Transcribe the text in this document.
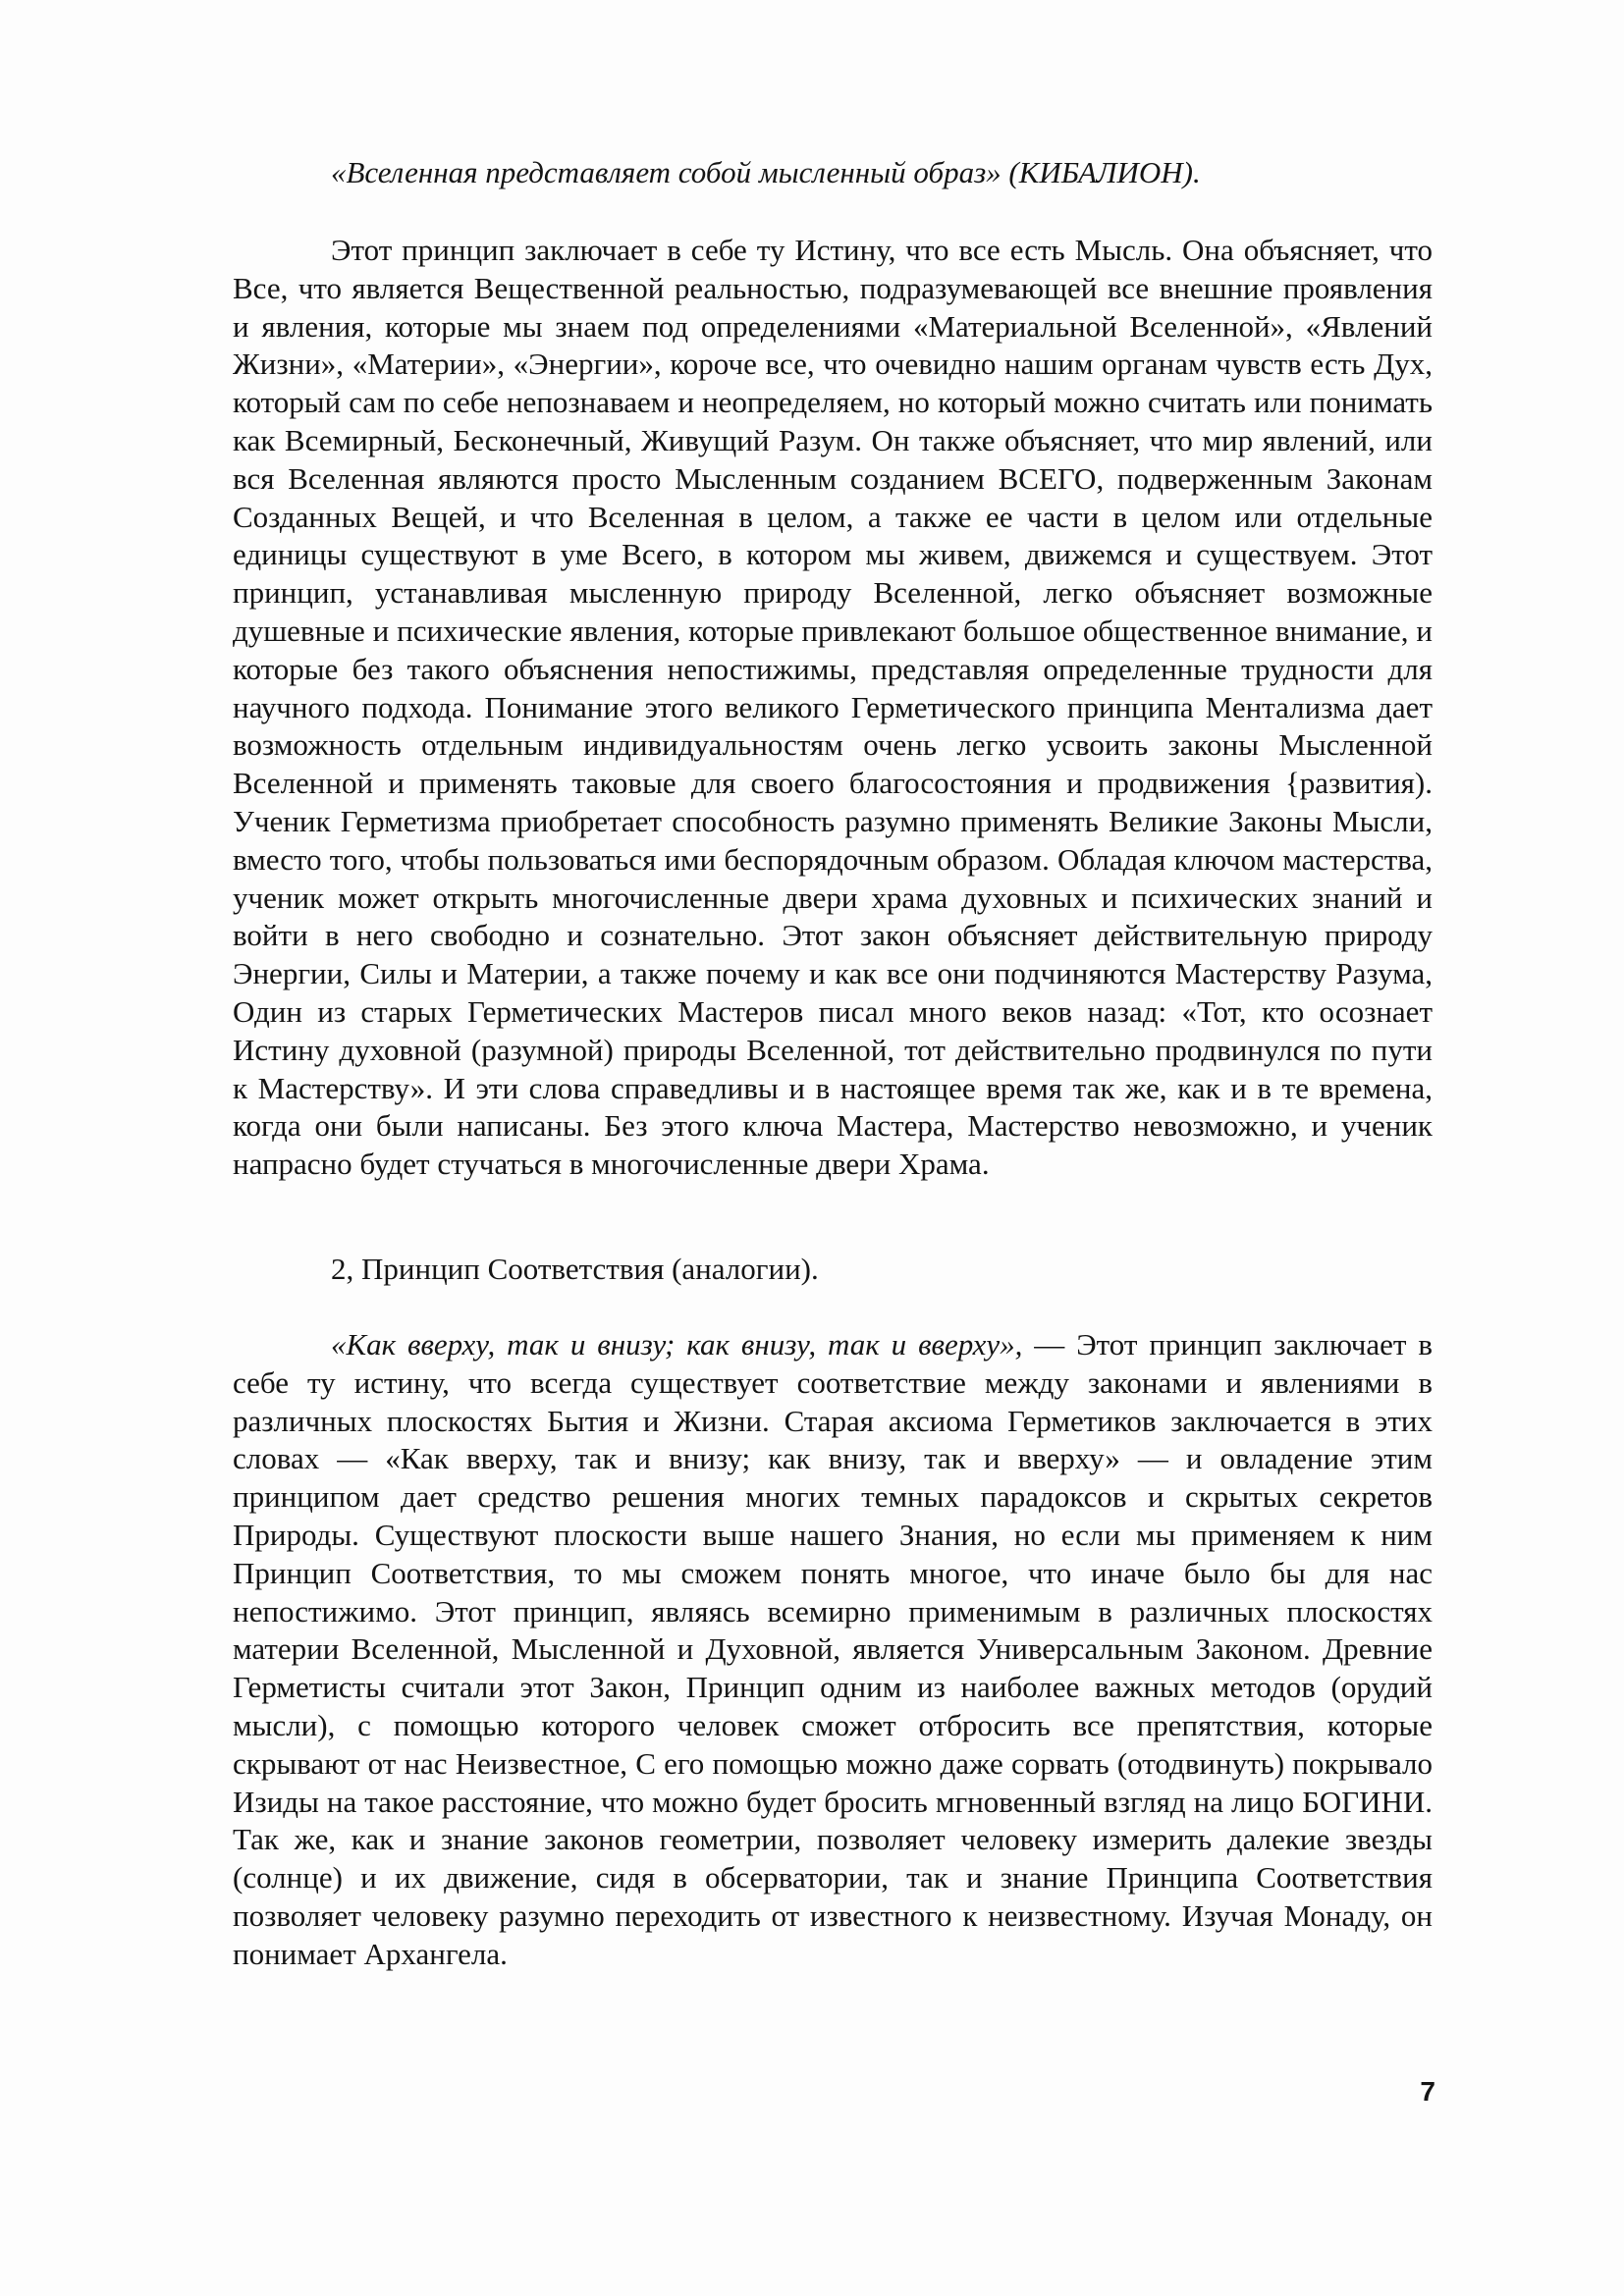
«Вселенная представляет собой мысленный образ» (КИБАЛИОН).

Этот принцип заключает в себе ту Истину, что все есть Мысль. Она объясняет, что Все, что является Вещественной реальностью, подразумевающей все внешние проявления и явления, которые мы знаем под определениями «Материальной Вселенной», «Явлений Жизни», «Материи», «Энергии», короче все, что очевидно нашим органам чувств есть Дух, который сам по себе непознаваем и неопределяем, но который можно считать или понимать как Всемирный, Бесконечный, Живущий Разум. Он также объясняет, что мир явлений, или вся Вселенная являются просто Мысленным созданием ВСЕГО, подверженным Законам Созданных Вещей, и что Вселенная в целом, а также ее части в целом или отдельные единицы существуют в уме Всего, в котором мы живем, движемся и существуем. Этот принцип, устанавливая мысленную природу Вселенной, легко объясняет возможные душевные и психические явления, которые привлекают большое общественное внимание, и которые без такого объяснения непостижимы, представляя определенные трудности для научного подхода. Понимание этого великого Герметического принципа Ментализма дает возможность отдельным индивидуальностям очень легко усвоить законы Мысленной Вселенной и применять таковые для своего благосостояния и продвижения {развития). Ученик Герметизма приобретает способность разумно применять Великие Законы Мысли, вместо того, чтобы пользоваться ими беспорядочным образом. Обладая ключом мастерства, ученик может открыть многочисленные двери храма духовных и психических знаний и войти в него свободно и сознательно. Этот закон объясняет действительную природу Энергии, Силы и Материи, а также почему и как все они подчиняются Мастерству Разума, Один из старых Герметических Мастеров писал много веков назад: «Тот, кто осознает Истину духовной (разумной) природы Вселенной, тот действительно продвинулся по пути к Мастерству». И эти слова справедливы и в настоящее время так же, как и в те времена, когда они были написаны. Без этого ключа Мастера, Мастерство невозможно, и ученик напрасно будет стучаться в многочисленные двери Храма.

2, Принцип Соответствия (аналогии).

«Как вверху, так и внизу; как внизу, так и вверху», — Этот принцип заключает в себе ту истину, что всегда существует соответствие между законами и явлениями в различных плоскостях Бытия и Жизни. Старая аксиома Герметиков заключается в этих словах — «Как вверху, так и внизу; как внизу, так и вверху» — и овладение этим принципом дает средство решения многих темных парадоксов и скрытых секретов Природы. Существуют плоскости выше нашего Знания, но если мы применяем к ним Принцип Соответствия, то мы сможем понять многое, что иначе было бы для нас непостижимо. Этот принцип, являясь всемирно применимым в различных плоскостях материи Вселенной, Мысленной и Духовной, является Универсальным Законом. Древние Герметисты считали этот Закон, Принцип одним из наиболее важных методов (орудий мысли), с помощью которого человек сможет отбросить все препятствия, которые скрывают от нас Неизвестное, С его помощью можно даже сорвать (отодвинуть) покрывало Изиды на такое расстояние, что можно будет бросить мгновенный взгляд на лицо БОГИНИ. Так же, как и знание законов геометрии, позволяет человеку измерить далекие звезды (солнце) и их движение, сидя в обсерватории, так и знание Принципа Соответствия позволяет человеку разумно переходить от известного к неизвестному. Изучая Монаду, он понимает Архангела.

7
